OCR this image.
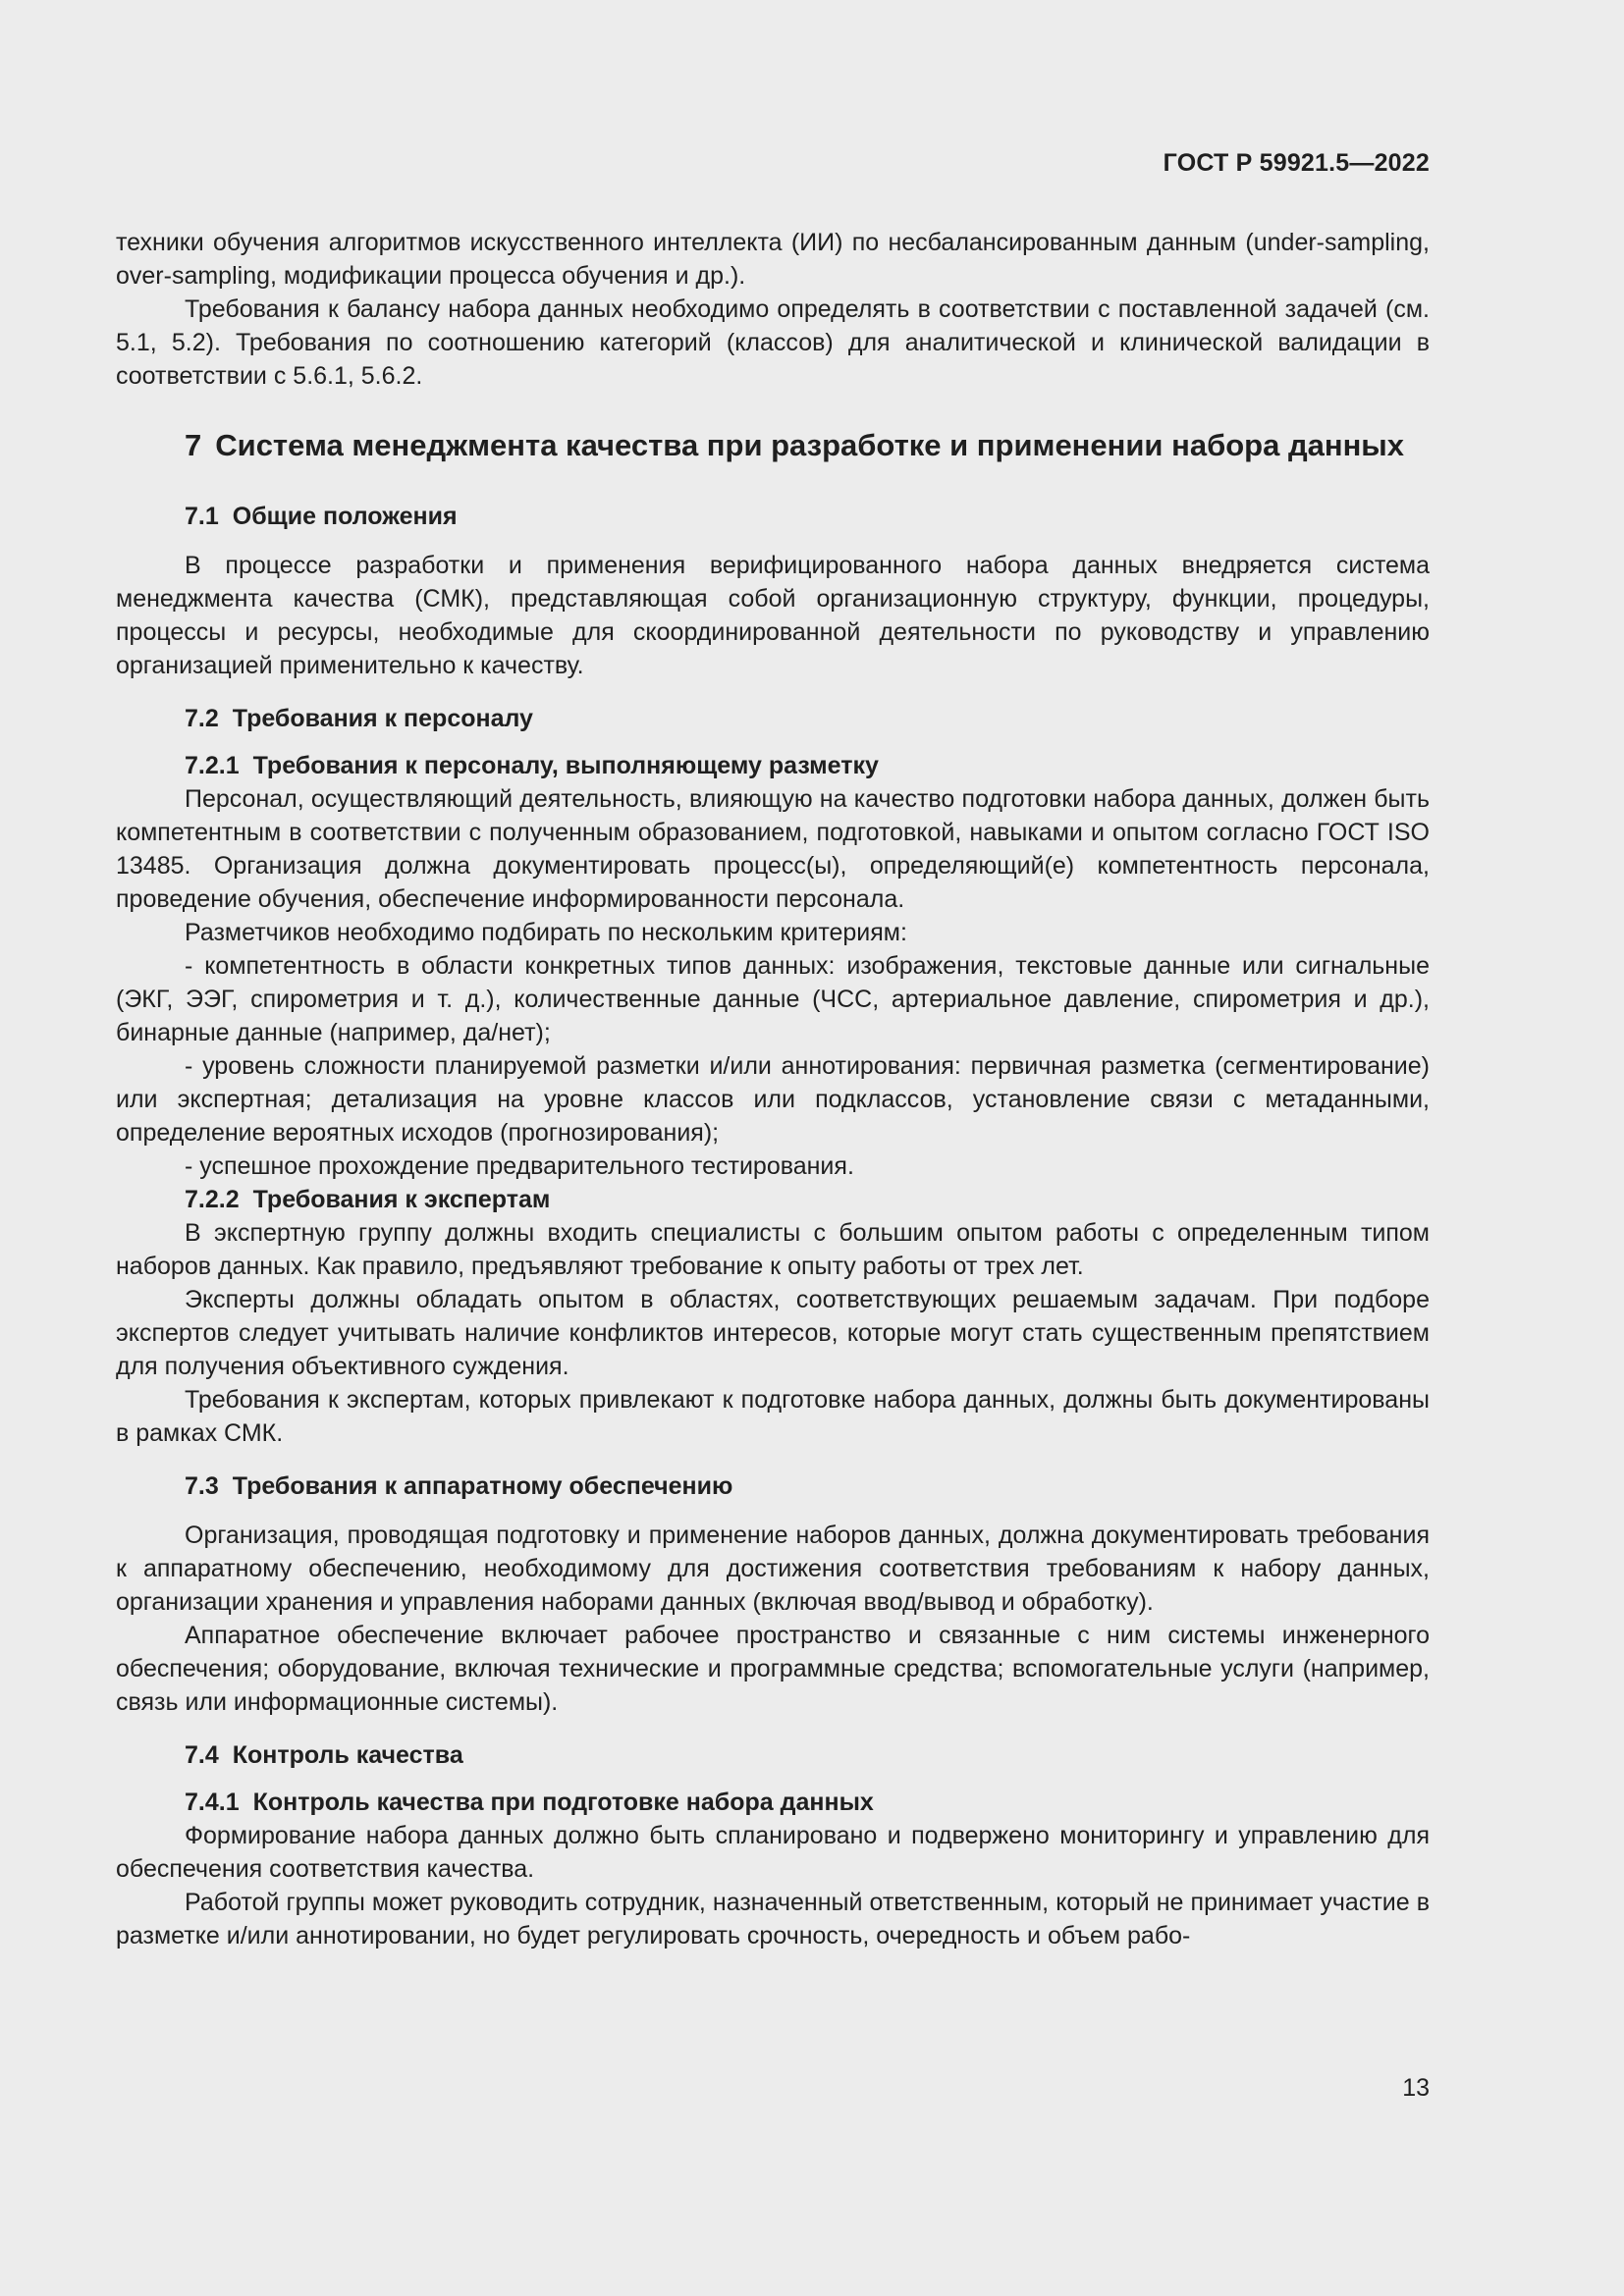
ГОСТ Р 59921.5—2022

техники обучения алгоритмов искусственного интеллекта (ИИ) по несбалансированным данным (under-sampling, over-sampling, модификации процесса обучения и др.).

Требования к балансу набора данных необходимо определять в соответствии с поставленной задачей (см. 5.1, 5.2). Требования по соотношению категорий (классов) для аналитической и клинической валидации в соответствии с 5.6.1, 5.6.2.

7 Система менеджмента качества при разработке и применении набора данных
7.1 Общие положения

В процессе разработки и применения верифицированного набора данных внедряется система менеджмента качества (СМК), представляющая собой организационную структуру, функции, процедуры, процессы и ресурсы, необходимые для скоординированной деятельности по руководству и управлению организацией применительно к качеству.

7.2 Требования к персоналу
7.2.1 Требования к персоналу, выполняющему разметку

Персонал, осуществляющий деятельность, влияющую на качество подготовки набора данных, должен быть компетентным в соответствии с полученным образованием, подготовкой, навыками и опытом согласно ГОСТ ISO 13485. Организация должна документировать процесс(ы), определяющий(е) компетентность персонала, проведение обучения, обеспечение информированности персонала.

Разметчиков необходимо подбирать по нескольким критериям:

- компетентность в области конкретных типов данных: изображения, текстовые данные или сигнальные (ЭКГ, ЭЭГ, спирометрия и т. д.), количественные данные (ЧСС, артериальное давление, спирометрия и др.), бинарные данные (например, да/нет);

- уровень сложности планируемой разметки и/или аннотирования: первичная разметка (сегментирование) или экспертная; детализация на уровне классов или подклассов, установление связи с метаданными, определение вероятных исходов (прогнозирования);

- успешное прохождение предварительного тестирования.

7.2.2 Требования к экспертам

В экспертную группу должны входить специалисты с большим опытом работы с определенным типом наборов данных. Как правило, предъявляют требование к опыту работы от трех лет.

Эксперты должны обладать опытом в областях, соответствующих решаемым задачам. При подборе экспертов следует учитывать наличие конфликтов интересов, которые могут стать существенным препятствием для получения объективного суждения.

Требования к экспертам, которых привлекают к подготовке набора данных, должны быть документированы в рамках СМК.

7.3 Требования к аппаратному обеспечению

Организация, проводящая подготовку и применение наборов данных, должна документировать требования к аппаратному обеспечению, необходимому для достижения соответствия требованиям к набору данных, организации хранения и управления наборами данных (включая ввод/вывод и обработку).

Аппаратное обеспечение включает рабочее пространство и связанные с ним системы инженерного обеспечения; оборудование, включая технические и программные средства; вспомогательные услуги (например, связь или информационные системы).

7.4 Контроль качества
7.4.1 Контроль качества при подготовке набора данных

Формирование набора данных должно быть спланировано и подвержено мониторингу и управлению для обеспечения соответствия качества.

Работой группы может руководить сотрудник, назначенный ответственным, который не принимает участие в разметке и/или аннотировании, но будет регулировать срочность, очередность и объем рабо-

13
